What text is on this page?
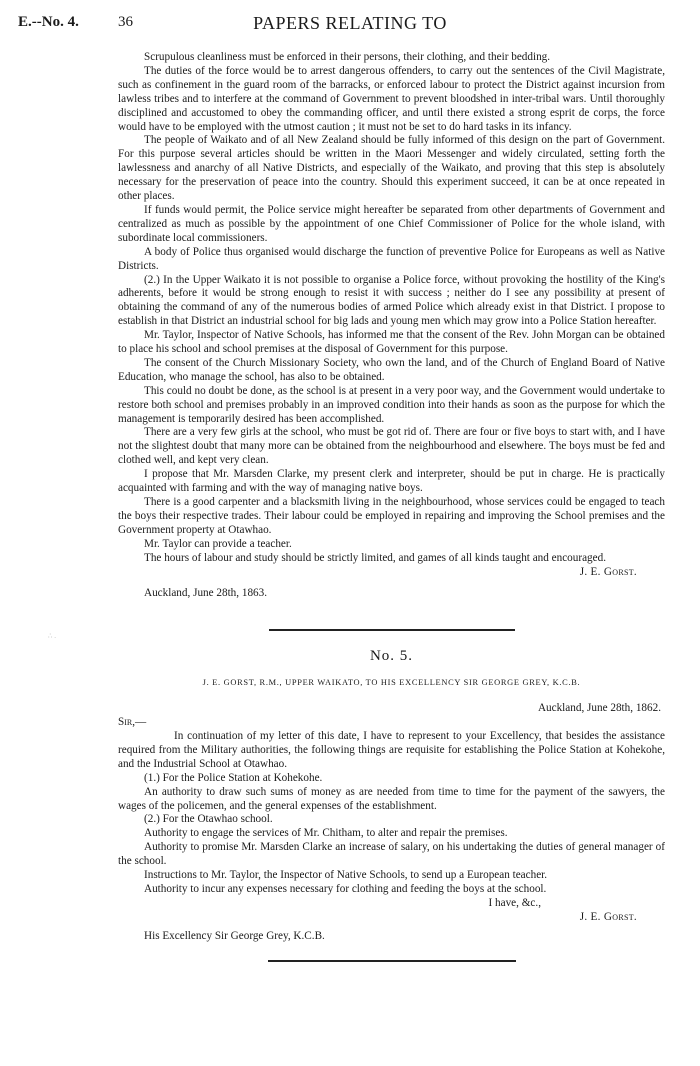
E.--No. 4.	36	PAPERS RELATING TO
∴ .

Scrupulous cleanliness must be enforced in their persons, their clothing, and their bedding.

The duties of the force would be to arrest dangerous offenders, to carry out the sentences of the Civil Magistrate, such as confinement in the guard room of the barracks, or enforced labour to protect the District against incursion from lawless tribes and to interfere at the command of Government to prevent bloodshed in inter-tribal wars. Until thoroughly disciplined and accustomed to obey the commanding officer, and until there existed a strong esprit de corps, the force would have to be employed with the utmost caution ; it must not be set to do hard tasks in its infancy.

The people of Waikato and of all New Zealand should be fully informed of this design on the part of Government. For this purpose several articles should be written in the Maori Messenger and widely circulated, setting forth the lawlessness and anarchy of all Native Districts, and especially of the Waikato, and proving that this step is absolutely necessary for the preservation of peace into the country. Should this experiment succeed, it can be at once repeated in other places.

If funds would permit, the Police service might hereafter be separated from other departments of Government and centralized as much as possible by the appointment of one Chief Commissioner of Police for the whole island, with subordinate local commissioners.

A body of Police thus organised would discharge the function of preventive Police for Europeans as well as Native Districts.

(2.) In the Upper Waikato it is not possible to organise a Police force, without provoking the hostility of the King's adherents, before it would be strong enough to resist it with success ; neither do I see any possibility at present of obtaining the command of any of the numerous bodies of armed Police which already exist in that District. I propose to establish in that District an industrial school for big lads and young men which may grow into a Police Station hereafter.

Mr. Taylor, Inspector of Native Schools, has informed me that the consent of the Rev. John Morgan can be obtained to place his school and school premises at the disposal of Government for this purpose.

The consent of the Church Missionary Society, who own the land, and of the Church of England Board of Native Education, who manage the school, has also to be obtained.

This could no doubt be done, as the school is at present in a very poor way, and the Government would undertake to restore both school and premises probably in an improved condition into their hands as soon as the purpose for which the management is temporarily desired has been accomplished.

There are a very few girls at the school, who must be got rid of. There are four or five boys to start with, and I have not the slightest doubt that many more can be obtained from the neighbourhood and elsewhere. The boys must be fed and clothed well, and kept very clean.

I propose that Mr. Marsden Clarke, my present clerk and interpreter, should be put in charge. He is practically acquainted with farming and with the way of managing native boys.

There is a good carpenter and a blacksmith living in the neighbourhood, whose services could be engaged to teach the boys their respective trades. Their labour could be employed in repairing and improving the School premises and the Government property at Otawhao.

Mr. Taylor can provide a teacher.

The hours of labour and study should be strictly limited, and games of all kinds taught and encouraged.

J. E. Gorst.
Auckland, June 28th, 1863.
No. 5.
J. E. GORST, R.M., UPPER WAIKATO, TO HIS EXCELLENCY SIR GEORGE GREY, K.C.B.
Auckland, June 28th, 1862.
Sir,—

In continuation of my letter of this date, I have to represent to your Excellency, that besides the assistance required from the Military authorities, the following things are requisite for establishing the Police Station at Kohekohe, and the Industrial School at Otawhao.

(1.) For the Police Station at Kohekohe.

An authority to draw such sums of money as are needed from time to time for the payment of the sawyers, the wages of the policemen, and the general expenses of the establishment.

(2.) For the Otawhao school.

Authority to engage the services of Mr. Chitham, to alter and repair the premises.

Authority to promise Mr. Marsden Clarke an increase of salary, on his undertaking the duties of general manager of the school.

Instructions to Mr. Taylor, the Inspector of Native Schools, to send up a European teacher.

Authority to incur any expenses necessary for clothing and feeding the boys at the school.

I have, &c.,
J. E. Gorst.
His Excellency Sir George Grey, K.C.B.
